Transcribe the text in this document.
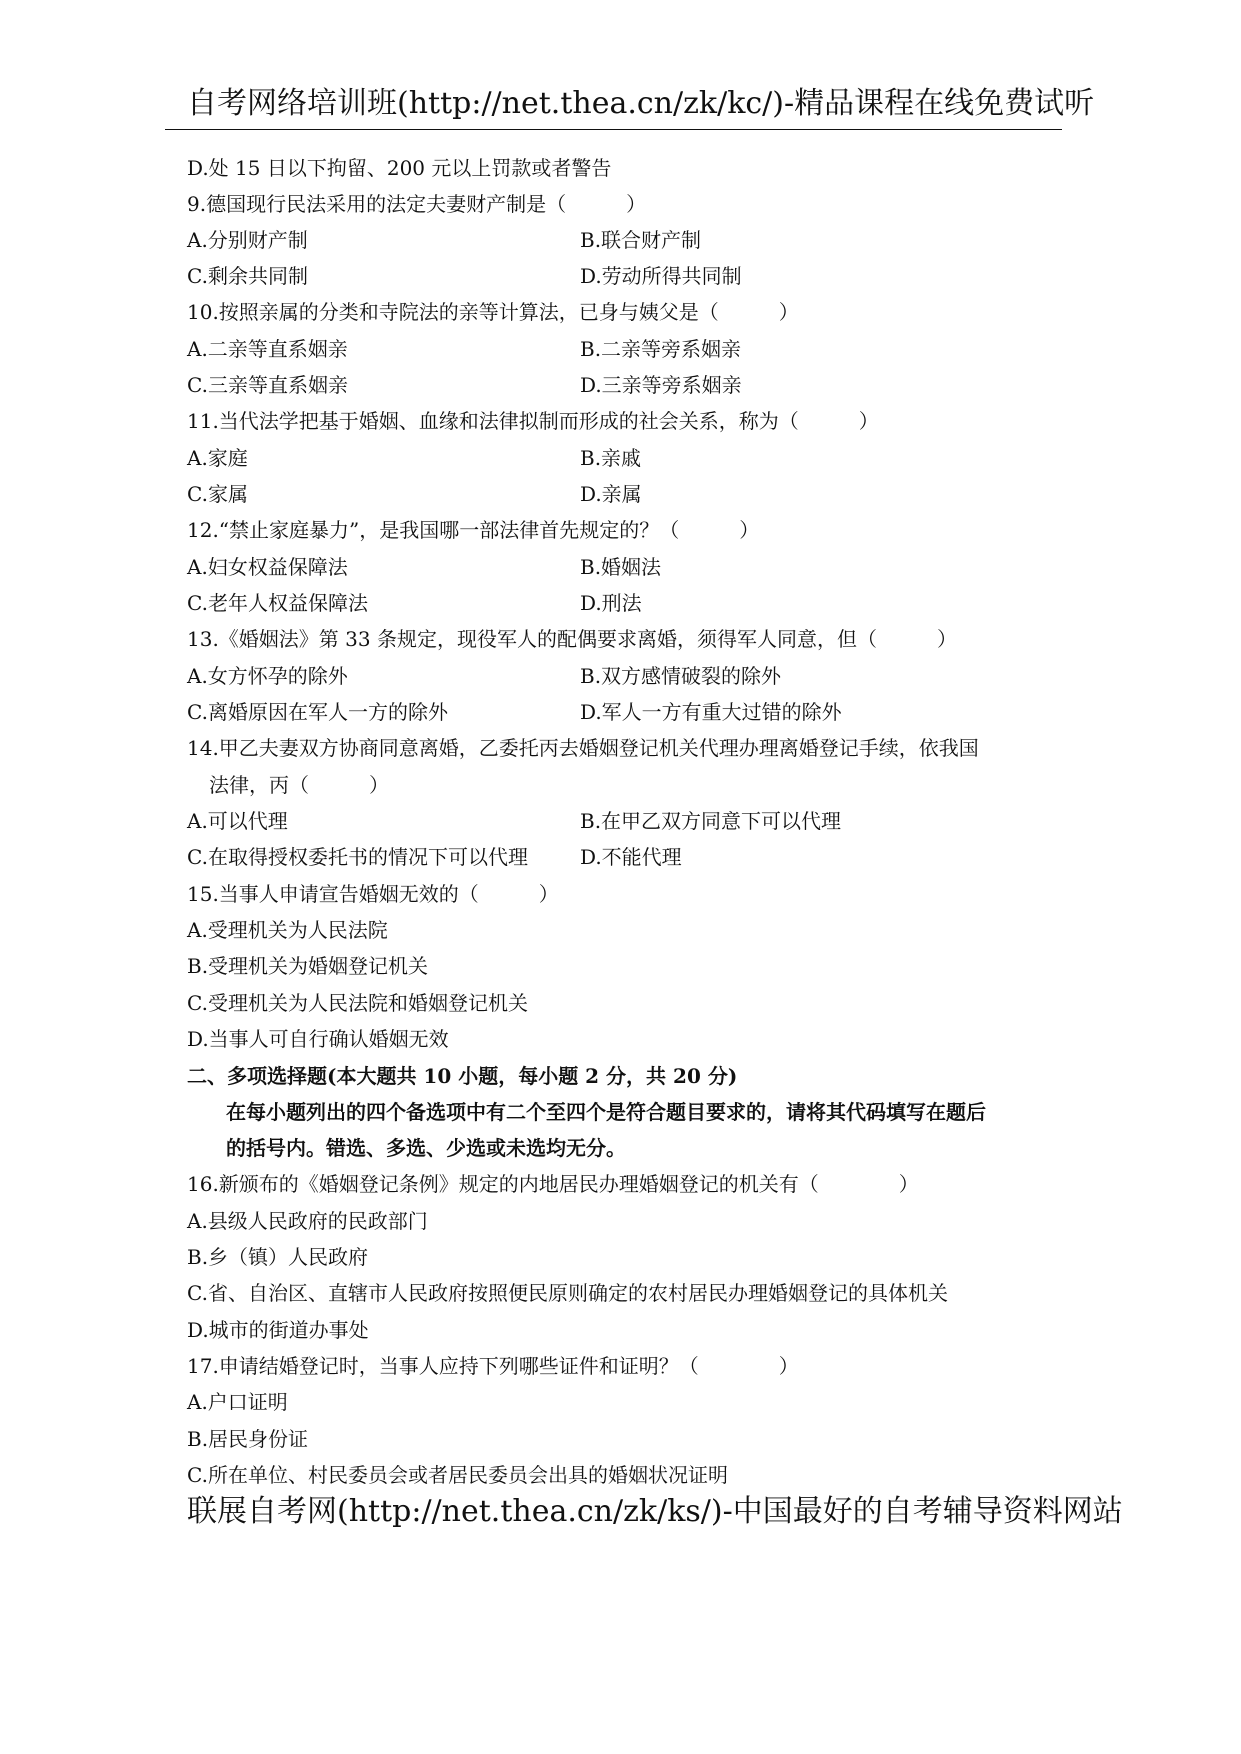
自考网络培训班(http://net.thea.cn/zk/kc/)-精品课程在线免费试听
D.处 15 日以下拘留、200 元以上罚款或者警告
9.德国现行民法采用的法定夫妻财产制是（　　　）
A.分别财产制	B.联合财产制
C.剩余共同制	D.劳动所得共同制
10.按照亲属的分类和寺院法的亲等计算法，已身与姨父是（　　　）
A.二亲等直系姻亲	B.二亲等旁系姻亲
C.三亲等直系姻亲	D.三亲等旁系姻亲
11.当代法学把基于婚姻、血缘和法律拟制而形成的社会关系，称为（　　　）
A.家庭	B.亲戚
C.家属	D.亲属
12.“禁止家庭暴力”，是我国哪一部法律首先规定的？（　　　）
A.妇女权益保障法	B.婚姻法
C.老年人权益保障法	D.刑法
13.《婚姻法》第 33 条规定，现役军人的配偶要求离婚，须得军人同意，但（　　　）
A.女方怀孕的除外	B.双方感情破裂的除外
C.离婚原因在军人一方的除外	D.军人一方有重大过错的除外
14.甲乙夫妻双方协商同意离婚，乙委托丙去婚姻登记机关代理办理离婚登记手续，依我国
法律，丙（　　　）
A.可以代理	B.在甲乙双方同意下可以代理
C.在取得授权委托书的情况下可以代理	D.不能代理
15.当事人申请宣告婚姻无效的（　　　）
A.受理机关为人民法院
B.受理机关为婚姻登记机关
C.受理机关为人民法院和婚姻登记机关
D.当事人可自行确认婚姻无效
二、多项选择题(本大题共 10 小题，每小题 2 分，共 20 分)
在每小题列出的四个备选项中有二个至四个是符合题目要求的，请将其代码填写在题后
的括号内。错选、多选、少选或未选均无分。
16.新颁布的《婚姻登记条例》规定的内地居民办理婚姻登记的机关有（　　　　）
A.县级人民政府的民政部门
B.乡（镇）人民政府
C.省、自治区、直辖市人民政府按照便民原则确定的农村居民办理婚姻登记的具体机关
D.城市的街道办事处
17.申请结婚登记时，当事人应持下列哪些证件和证明？（　　　　）
A.户口证明
B.居民身份证
C.所在单位、村民委员会或者居民委员会出具的婚姻状况证明
联展自考网(http://net.thea.cn/zk/ks/)-中国最好的自考辅导资料网站
